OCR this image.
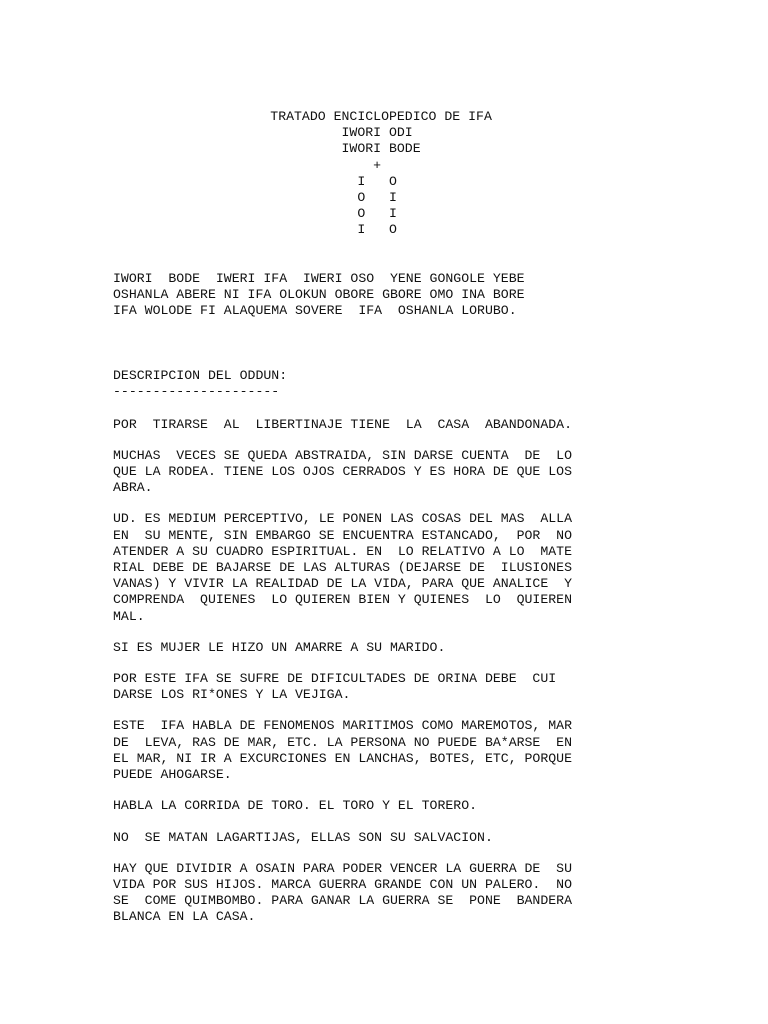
TRATADO ENCICLOPEDICO DE IFA
IWORI ODI
IWORI BODE
+
I   O
O   I
O   I
I   O
IWORI  BODE  IWERI IFA  IWERI OSO  YENE GONGOLE YEBE
OSHANLA ABERE NI IFA OLOKUN OBORE GBORE OMO INA BORE
IFA WOLODE FI ALAQUEMA SOVERE  IFA  OSHANLA LORUBO.
DESCRIPCION DEL ODDUN:
---------------------
POR  TIRARSE  AL  LIBERTINAJE TIENE  LA  CASA  ABANDONADA.
MUCHAS  VECES SE QUEDA ABSTRAIDA, SIN DARSE CUENTA  DE  LO
QUE LA RODEA. TIENE LOS OJOS CERRADOS Y ES HORA DE QUE LOS
ABRA.
UD. ES MEDIUM PERCEPTIVO, LE PONEN LAS COSAS DEL MAS  ALLA
EN  SU MENTE, SIN EMBARGO SE ENCUENTRA ESTANCADO,  POR  NO
ATENDER A SU CUADRO ESPIRITUAL. EN  LO RELATIVO A LO  MATE
RIAL DEBE DE BAJARSE DE LAS ALTURAS (DEJARSE DE  ILUSIONES
VANAS) Y VIVIR LA REALIDAD DE LA VIDA, PARA QUE ANALICE  Y
COMPRENDA  QUIENES  LO QUIEREN BIEN Y QUIENES  LO  QUIEREN
MAL.
SI ES MUJER LE HIZO UN AMARRE A SU MARIDO.
POR ESTE IFA SE SUFRE DE DIFICULTADES DE ORINA DEBE  CUI
DARSE LOS RI*ONES Y LA VEJIGA.
ESTE  IFA HABLA DE FENOMENOS MARITIMOS COMO MAREMOTOS, MAR
DE  LEVA, RAS DE MAR, ETC. LA PERSONA NO PUEDE BA*ARSE  EN
EL MAR, NI IR A EXCURCIONES EN LANCHAS, BOTES, ETC, PORQUE
PUEDE AHOGARSE.
HABLA LA CORRIDA DE TORO. EL TORO Y EL TORERO.
NO  SE MATAN LAGARTIJAS, ELLAS SON SU SALVACION.
HAY QUE DIVIDIR A OSAIN PARA PODER VENCER LA GUERRA DE  SU
VIDA POR SUS HIJOS. MARCA GUERRA GRANDE CON UN PALERO.  NO
SE  COME QUIMBOMBO. PARA GANAR LA GUERRA SE  PONE  BANDERA
BLANCA EN LA CASA.
